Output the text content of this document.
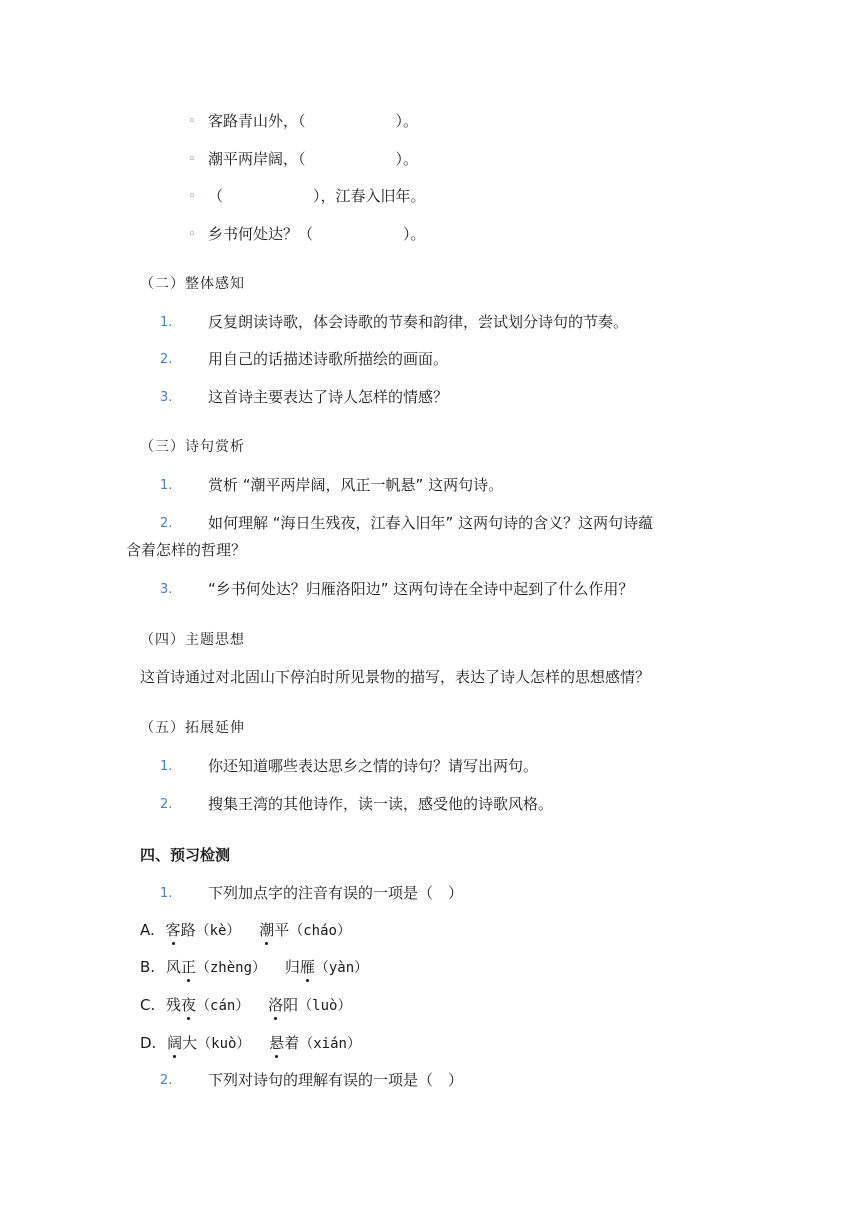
◦ 客路青山外，（　　　　　　）。
◦ 潮平两岸阔，（　　　　　　）。
◦ （　　　　　　），江春入旧年。
◦ 乡书何处达？（　　　　　　）。
（二）整体感知
1. 反复朗读诗歌，体会诗歌的节奏和韵律，尝试划分诗句的节奏。
2. 用自己的话描述诗歌所描绘的画面。
3. 这首诗主要表达了诗人怎样的情感？
（三）诗句赏析
1. 赏析 “潮平两岸阔，风正一帆悬” 这两句诗。
2. 如何理解 “海日生残夜，江春入旧年” 这两句诗的含义？这两句诗蕴
含着怎样的哲理？
3. “乡书何处达？归雁洛阳边” 这两句诗在全诗中起到了什么作用？
（四）主题思想
这首诗通过对北固山下停泊时所见景物的描写，表达了诗人怎样的思想感情？
（五）拓展延伸
1. 你还知道哪些表达思乡之情的诗句？请写出两句。
2. 搜集王湾的其他诗作，读一读，感受他的诗歌风格。
四、预习检测
1. 下列加点字的注音有误的一项是（　）
A. 客路（kè） 潮平（cháo）
B. 风正（zhèng） 归雁（yàn）
C. 残夜（cán） 洛阳（luò）
D. 阔大（kuò） 悬着（xián）
2. 下列对诗句的理解有误的一项是（　）
